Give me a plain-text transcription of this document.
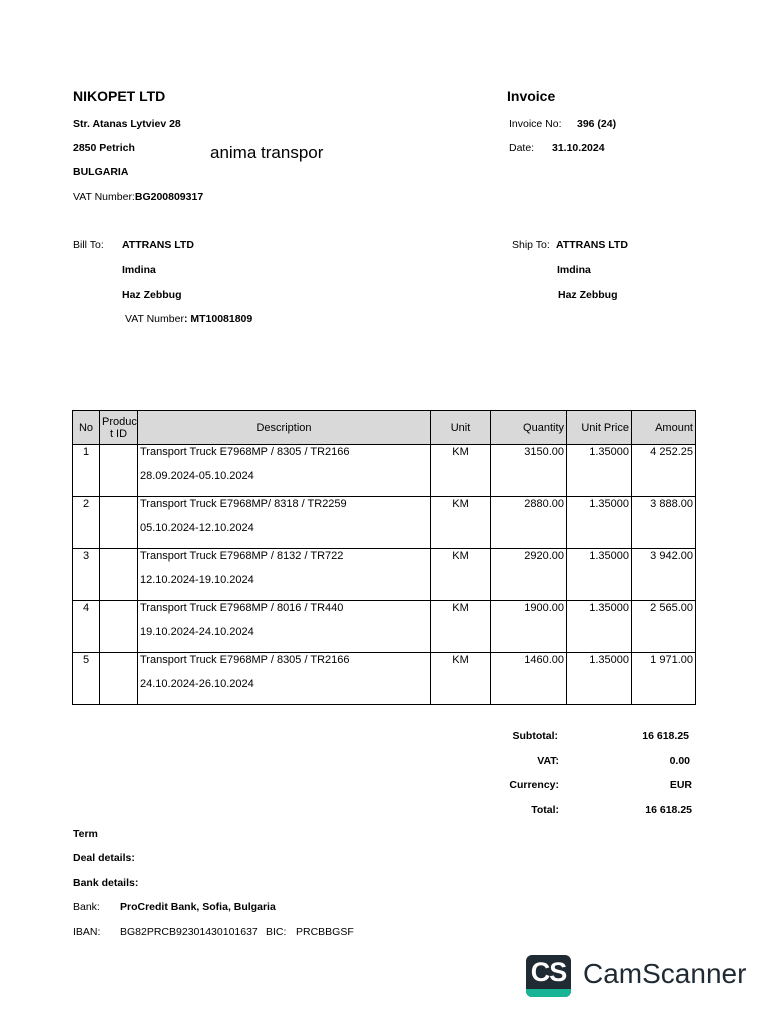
NIKOPET LTD
Str. Atanas Lytviev 28
2850 Petrich	anima transpor
BULGARIA
VAT Number:BG200809317
Invoice
Invoice No: 396 (24)
Date: 31.10.2024
Bill To: ATTRANS LTD
Imdina
Haz Zebbug
VAT Number: MT10081809
Ship To: ATTRANS LTD
Imdina
Haz Zebbug
No	Produc t ID	Description	Unit	Quantity	Unit Price	Amount

1		Transport Truck E7968MP / 8305 / TR2166
28.09.2024-05.10.2024	KM	3150.00	1.35000	4 252.25

2		Transport Truck E7968MP/ 8318 / TR2259
05.10.2024-12.10.2024	KM	2880.00	1.35000	3 888.00

3		Transport Truck E7968MP / 8132 / TR722
12.10.2024-19.10.2024	KM	2920.00	1.35000	3 942.00

4		Transport Truck E7968MP / 8016 / TR440
19.10.2024-24.10.2024	KM	1900.00	1.35000	2 565.00

5		Transport Truck E7968MP / 8305 / TR2166
24.10.2024-26.10.2024	KM	1460.00	1.35000	1 971.00
Subtotal:	16 618.25
VAT:	0.00
Currency:	EUR
Total:	16 618.25
Term
Deal details:
Bank details:
Bank: ProCredit Bank, Sofia, Bulgaria
IBAN: BG82PRCB92301430101637 BIC: PRCBBGSF
CS CamScanner
